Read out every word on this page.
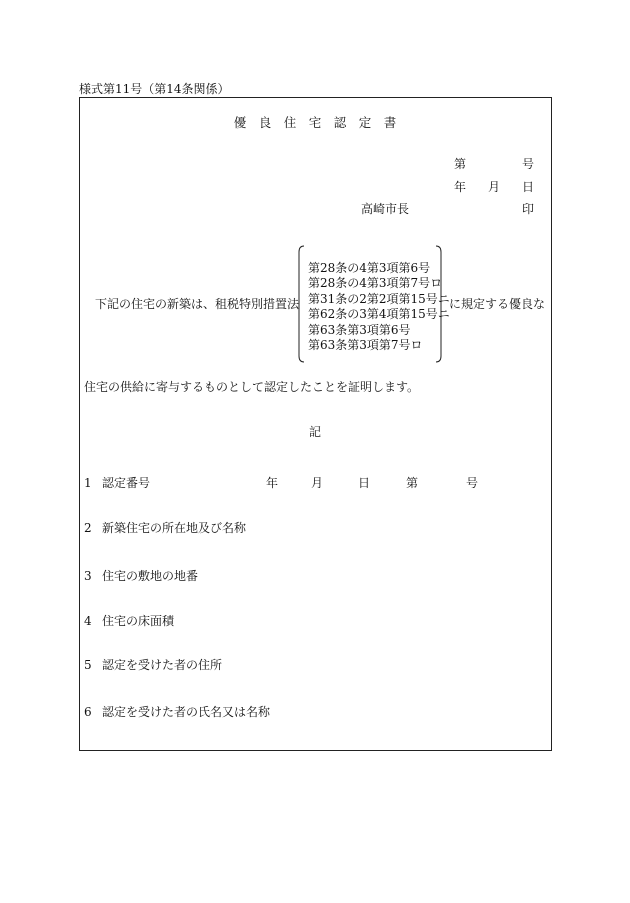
様式第11号（第14条関係）
優　良　住　宅　認　定　書
第	号
年 月 日
高崎市長	印
下記の住宅の新築は、租税特別措置法
第28条の4第3項第6号
第28条の4第3項第7号ロ
第31条の2第2項第15号ニ
第62条の3第4項第15号ニ
第63条第3項第6号
第63条第3項第7号ロ
に規定する優良な
住宅の供給に寄与するものとして認定したことを証明します。
記
1 認定番号	年	月	日	第	号
2 新築住宅の所在地及び名称
3 住宅の敷地の地番
4 住宅の床面積
5 認定を受けた者の住所
6 認定を受けた者の氏名又は名称
